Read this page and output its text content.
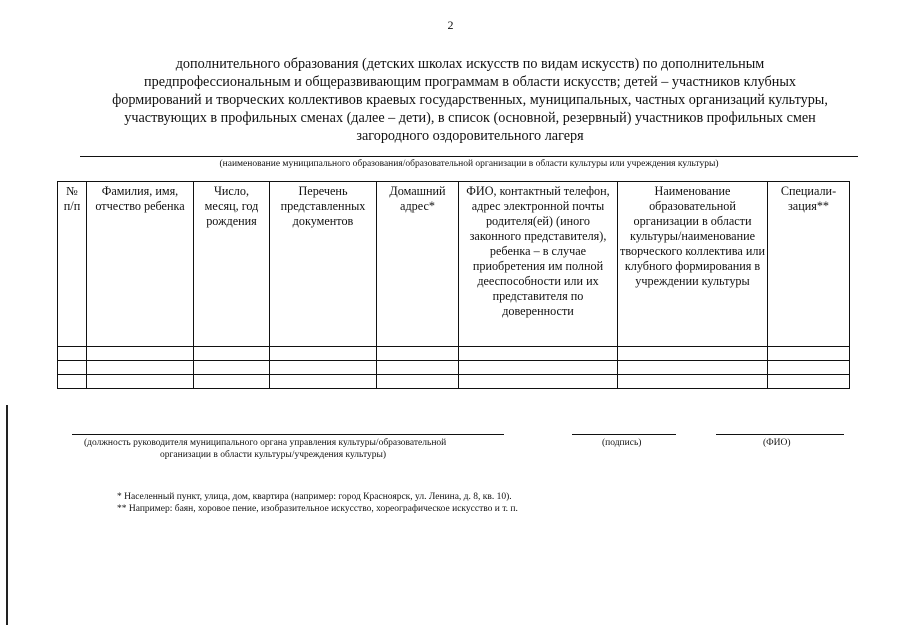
2
дополнительного образования (детских школах искусств по видам искусств) по дополнительным
предпрофессиональным и общеразвивающим программам в области искусств; детей – участников клубных
формирований и творческих коллективов краевых государственных, муниципальных, частных организаций культуры,
участвующих в профильных сменах (далее – дети), в список (основной, резервный) участников профильных смен
загородного оздоровительного лагеря
(наименование муниципального образования/образовательной организации в области культуры или учреждения культуры)
№ п/п	Фамилия, имя, отчество ребенка	Число, месяц, год рождения	Перечень представленных документов	Домашний адрес*	ФИО, контактный телефон, адрес электронной почты родителя(ей) (иного законного представителя), ребенка – в случае приобретения им полной дееспособности или их представителя по доверенности	Наименование образовательной организации в области культуры/наименование творческого коллектива или клубного формирования в учреждении культуры	Специали-зация**

(должность руководителя муниципального органа управления культуры/образовательной
организации в области культуры/учреждения культуры)
(подпись)	(ФИО)
* Населенный пункт, улица, дом, квартира (например: город Красноярск, ул. Ленина, д. 8, кв. 10).
** Например: баян, хоровое пение, изобразительное искусство, хореографическое искусство и т. п.
